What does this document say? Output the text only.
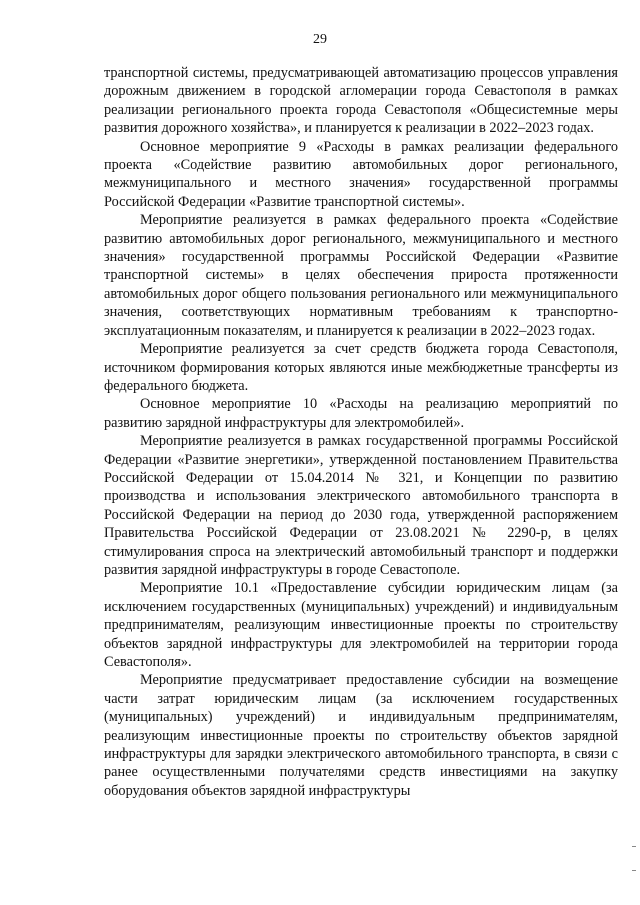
29

транспортной системы, предусматривающей автоматизацию процессов управления дорожным движением в городской агломерации города Севастополя в рамках реализации регионального проекта города Севастополя «Общесистемные меры развития дорожного хозяйства», и планируется к реализации в 2022–2023 годах.

Основное мероприятие 9 «Расходы в рамках реализации федерального проекта «Содействие развитию автомобильных дорог регионального, межмуниципального и местного значения» государственной программы Российской Федерации «Развитие транспортной системы».

Мероприятие реализуется в рамках федерального проекта «Содействие развитию автомобильных дорог регионального, межмуниципального и местного значения» государственной программы Российской Федерации «Развитие транспортной системы» в целях обеспечения прироста протяженности автомобильных дорог общего пользования регионального или межмуниципального значения, соответствующих нормативным требованиям к транспортно-эксплуатационным показателям, и планируется к реализации в 2022–2023 годах.

Мероприятие реализуется за счет средств бюджета города Севастополя, источником формирования которых являются иные межбюджетные трансферты из федерального бюджета.

Основное мероприятие 10 «Расходы на реализацию мероприятий по развитию зарядной инфраструктуры для электромобилей».

Мероприятие реализуется в рамках государственной программы Российской Федерации «Развитие энергетики», утвержденной постановлением Правительства Российской Федерации от 15.04.2014 № 321, и Концепции по развитию производства и использования электрического автомобильного транспорта в Российской Федерации на период до 2030 года, утвержденной распоряжением Правительства Российской Федерации от 23.08.2021 № 2290-р, в целях стимулирования спроса на электрический автомобильный транспорт и поддержки развития зарядной инфраструктуры в городе Севастополе.

Мероприятие 10.1 «Предоставление субсидии юридическим лицам (за исключением государственных (муниципальных) учреждений) и индивидуальным предпринимателям, реализующим инвестиционные проекты по строительству объектов зарядной инфраструктуры для электромобилей на территории города Севастополя».

Мероприятие предусматривает предоставление субсидии на возмещение части затрат юридическим лицам (за исключением государственных (муниципальных) учреждений) и индивидуальным предпринимателям, реализующим инвестиционные проекты по строительству объектов зарядной инфраструктуры для зарядки электрического автомобильного транспорта, в связи с ранее осуществленными получателями средств инвестициями на закупку оборудования объектов зарядной инфраструктуры
